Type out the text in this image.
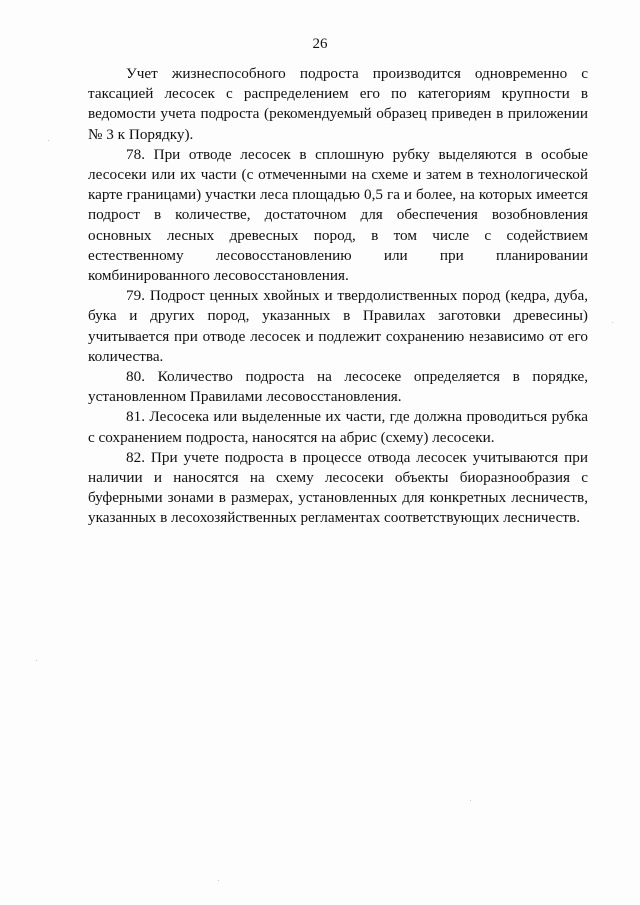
26

Учет жизнеспособного подроста производится одновременно с таксацией лесосек с распределением его по категориям крупности в ведомости учета подроста (рекомендуемый образец приведен в приложении № 3 к Порядку).

78. При отводе лесосек в сплошную рубку выделяются в особые лесосеки или их части (с отмеченными на схеме и затем в технологической карте границами) участки леса площадью 0,5 га и более, на которых имеется подрост в количестве, достаточном для обеспечения возобновления основных лесных древесных пород, в том числе с содействием естественному лесовосстановлению или при планировании комбинированного лесовосстановления.

79. Подрост ценных хвойных и твердолиственных пород (кедра, дуба, бука и других пород, указанных в Правилах заготовки древесины) учитывается при отводе лесосек и подлежит сохранению независимо от его количества.

80. Количество подроста на лесосеке определяется в порядке, установленном Правилами лесовосстановления.

81. Лесосека или выделенные их части, где должна проводиться рубка с сохранением подроста, наносятся на абрис (схему) лесосеки.

82. При учете подроста в процессе отвода лесосек учитываются при наличии и наносятся на схему лесосеки объекты биоразнообразия с буферными зонами в размерах, установленных для конкретных лесничеств, указанных в лесохозяйственных регламентах соответствующих лесничеств.
